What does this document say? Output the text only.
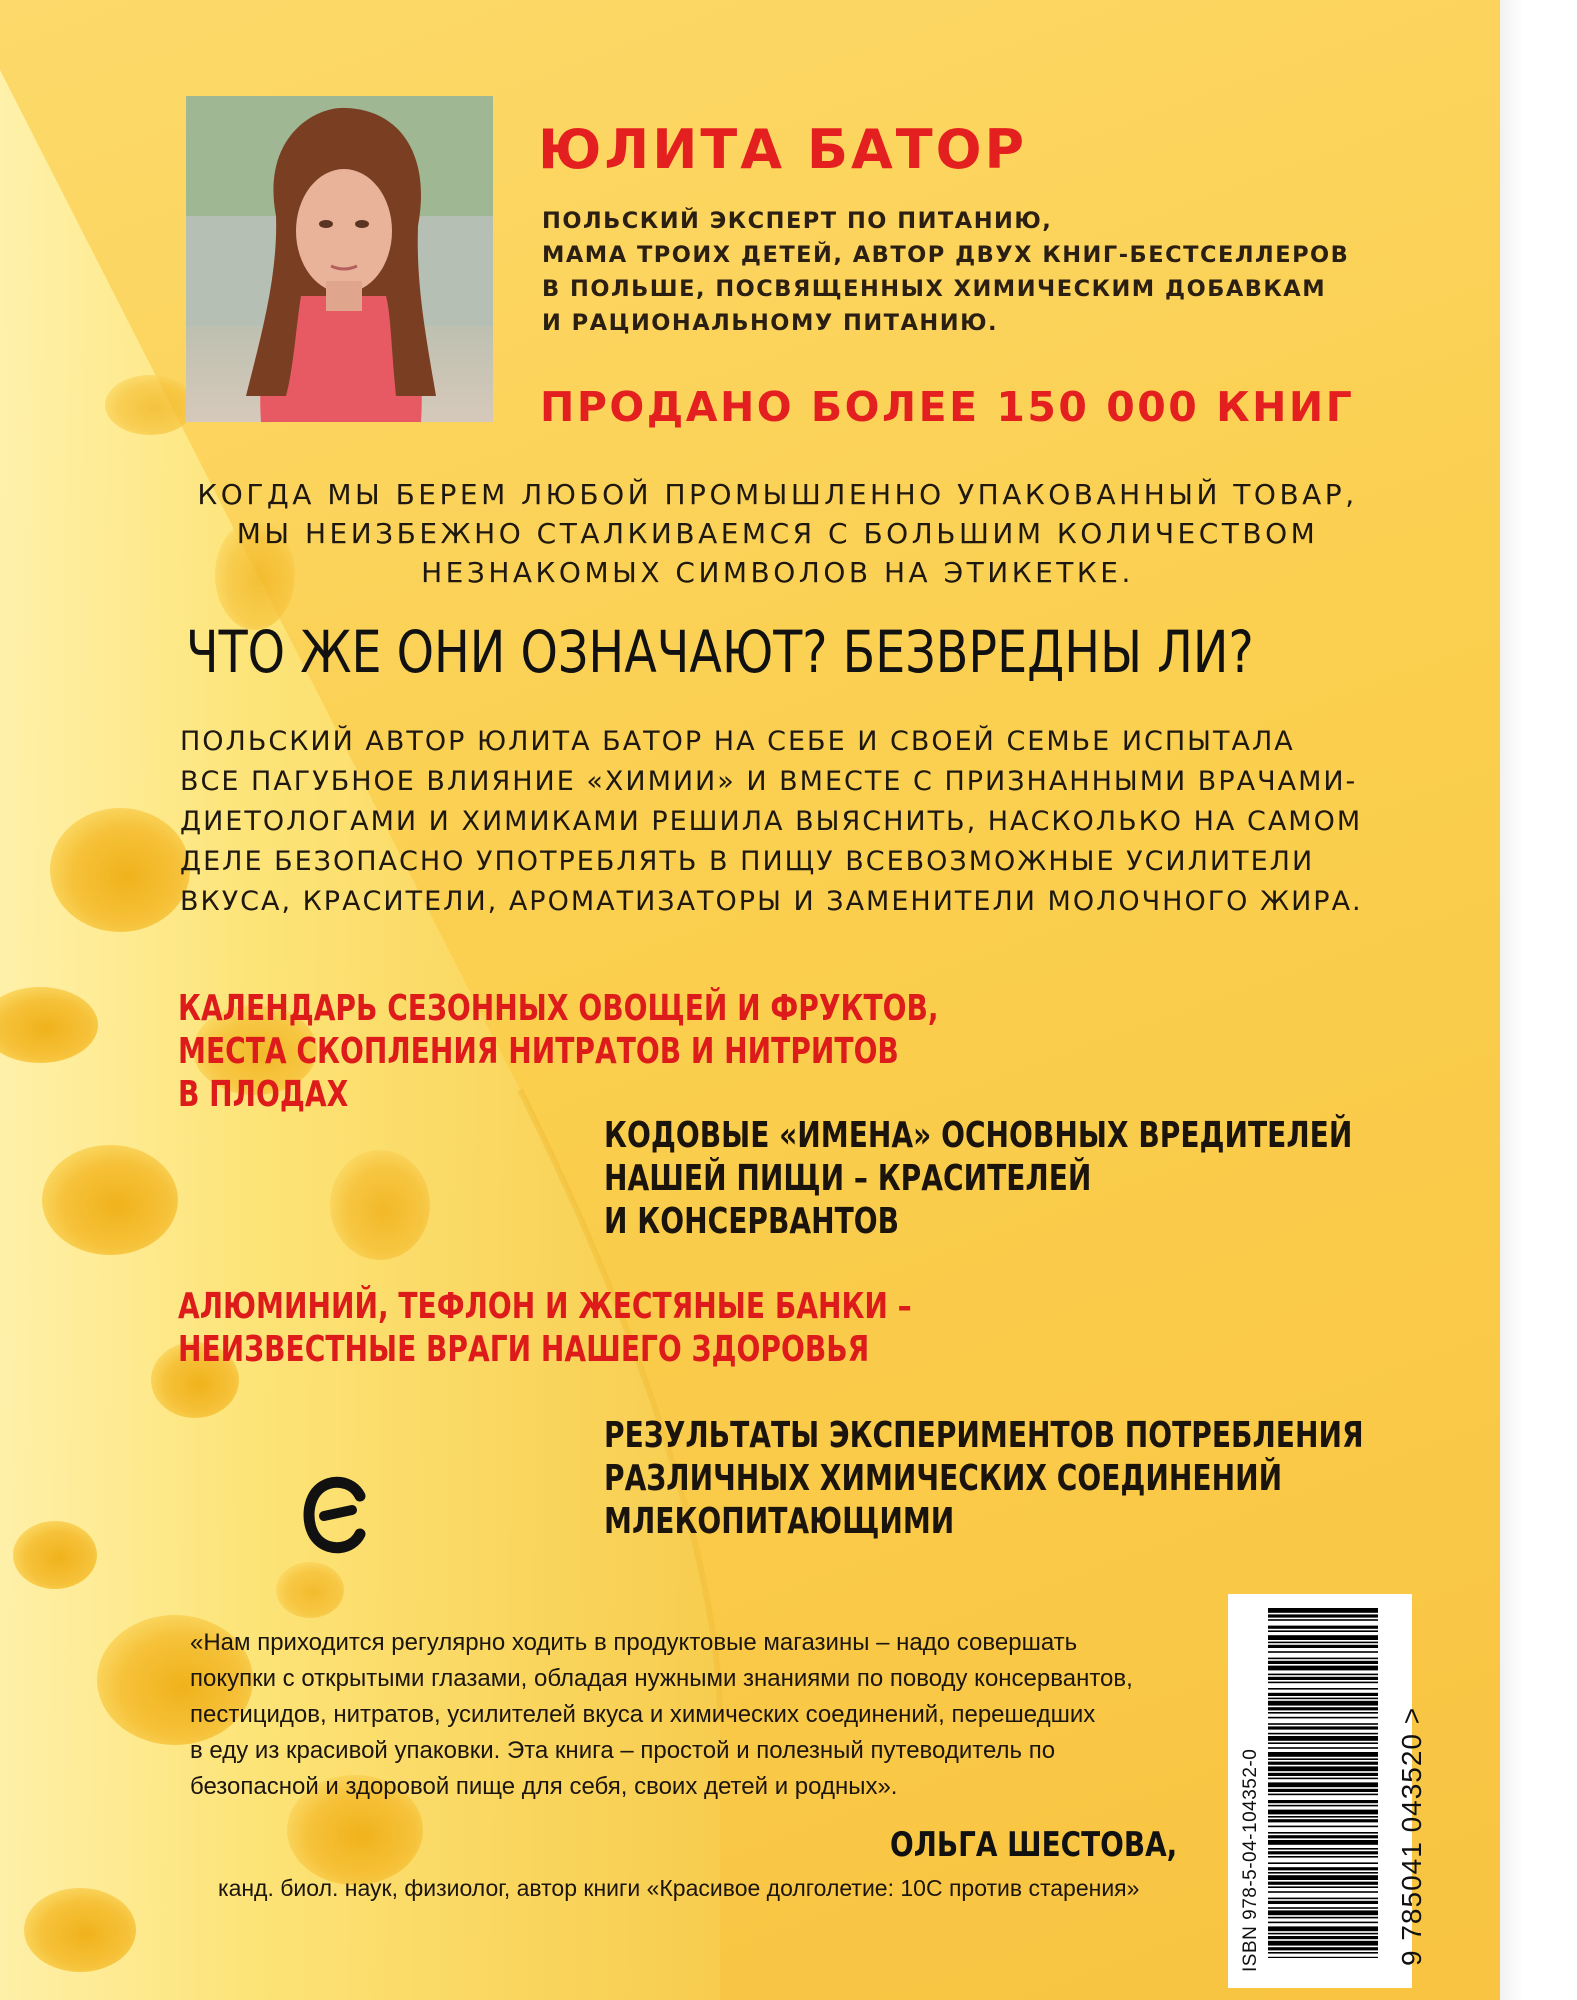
ЮЛИТА БАТОР
ПОЛЬСКИЙ ЭКСПЕРТ ПО ПИТАНИЮ,
МАМА ТРОИХ ДЕТЕЙ, АВТОР ДВУХ КНИГ-БЕСТСЕЛЛЕРОВ
В ПОЛЬШЕ, ПОСВЯЩЕННЫХ ХИМИЧЕСКИМ ДОБАВКАМ
И РАЦИОНАЛЬНОМУ ПИТАНИЮ.
ПРОДАНО БОЛЕЕ 150 000 КНИГ
КОГДА МЫ БЕРЕМ ЛЮБОЙ ПРОМЫШЛЕННО УПАКОВАННЫЙ ТОВАР,
МЫ НЕИЗБЕЖНО СТАЛКИВАЕМСЯ С БОЛЬШИМ КОЛИЧЕСТВОМ
НЕЗНАКОМЫХ СИМВОЛОВ НА ЭТИКЕТКЕ.
ЧТО ЖЕ ОНИ ОЗНАЧАЮТ? БЕЗВРЕДНЫ ЛИ?
ПОЛЬСКИЙ АВТОР ЮЛИТА БАТОР НА СЕБЕ И СВОЕЙ СЕМЬЕ ИСПЫТАЛА
ВСЕ ПАГУБНОЕ ВЛИЯНИЕ «ХИМИИ» И ВМЕСТЕ С ПРИЗНАННЫМИ ВРАЧАМИ-
ДИЕТОЛОГАМИ И ХИМИКАМИ РЕШИЛА ВЫЯСНИТЬ, НАСКОЛЬКО НА САМОМ
ДЕЛЕ БЕЗОПАСНО УПОТРЕБЛЯТЬ В ПИЩУ ВСЕВОЗМОЖНЫЕ УСИЛИТЕЛИ
ВКУСА, КРАСИТЕЛИ, АРОМАТИЗАТОРЫ И ЗАМЕНИТЕЛИ МОЛОЧНОГО ЖИРА.
КАЛЕНДАРЬ СЕЗОННЫХ ОВОЩЕЙ И ФРУКТОВ,
МЕСТА СКОПЛЕНИЯ НИТРАТОВ И НИТРИТОВ
В ПЛОДАХ
КОДОВЫЕ «ИМЕНА» ОСНОВНЫХ ВРЕДИТЕЛЕЙ
НАШЕЙ ПИЩИ – КРАСИТЕЛЕЙ
И КОНСЕРВАНТОВ
АЛЮМИНИЙ, ТЕФЛОН И ЖЕСТЯНЫЕ БАНКИ –
НЕИЗВЕСТНЫЕ ВРАГИ НАШЕГО ЗДОРОВЬЯ
РЕЗУЛЬТАТЫ ЭКСПЕРИМЕНТОВ ПОТРЕБЛЕНИЯ
РАЗЛИЧНЫХ ХИМИЧЕСКИХ СОЕДИНЕНИЙ
МЛЕКОПИТАЮЩИМИ
«Нам приходится регулярно ходить в продуктовые магазины – надо совершать
покупки с открытыми глазами, обладая нужными знаниями по поводу консервантов,
пестицидов, нитратов, усилителей вкуса и химических соединений, перешедших
в еду из красивой упаковки. Эта книга – простой и полезный путеводитель по
безопасной и здоровой пище для себя, своих детей и родных».
ОЛЬГА ШЕСТОВА,
канд. биол. наук, физиолог, автор книги «Красивое долголетие: 10С против старения»	ISBN 978-5-04-104352-0	9 785041 043520 >
